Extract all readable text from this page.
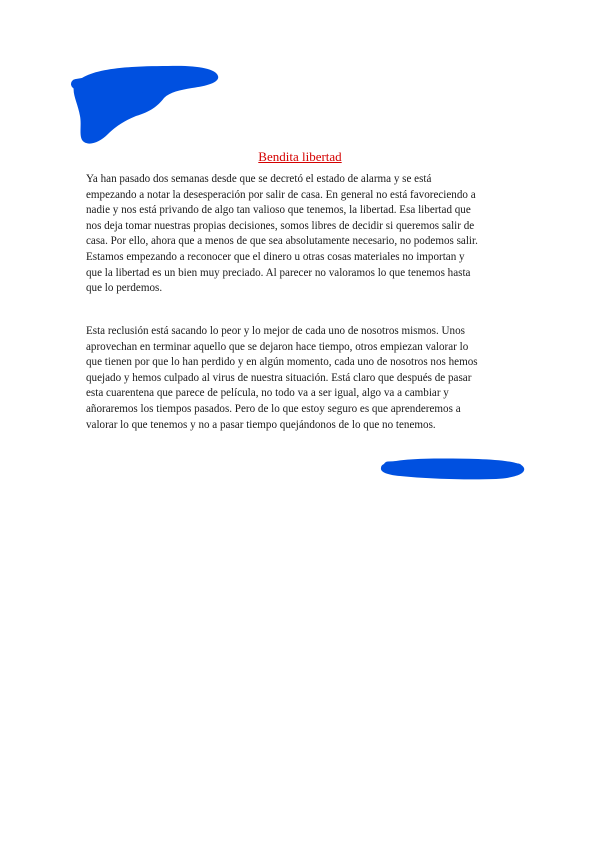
Bendita libertad

Ya han pasado dos semanas desde que se decretó el estado de alarma y se está
empezando a notar la desesperación por salir de casa. En general no está favoreciendo a
nadie y nos está privando de algo tan valioso que tenemos, la libertad. Esa libertad que
nos deja tomar nuestras propias decisiones, somos libres de decidir si queremos salir de
casa. Por ello, ahora que a menos de que sea absolutamente necesario, no podemos salir.
Estamos empezando a reconocer que el dinero u otras cosas materiales no importan y
que la libertad es un bien muy preciado. Al parecer no valoramos lo que tenemos hasta
que lo perdemos.

Esta reclusión está sacando lo peor y lo mejor de cada uno de nosotros mismos. Unos
aprovechan en terminar aquello que se dejaron hace tiempo, otros empiezan valorar lo
que tienen por que lo han perdido y en algún momento, cada uno de nosotros nos hemos
quejado y hemos culpado al virus de nuestra situación. Está claro que después de pasar
esta cuarentena que parece de película, no todo va a ser igual, algo va a cambiar y
añoraremos los tiempos pasados. Pero de lo que estoy seguro es que aprenderemos a
valorar lo que tenemos y no a pasar tiempo quejándonos de lo que no tenemos.
